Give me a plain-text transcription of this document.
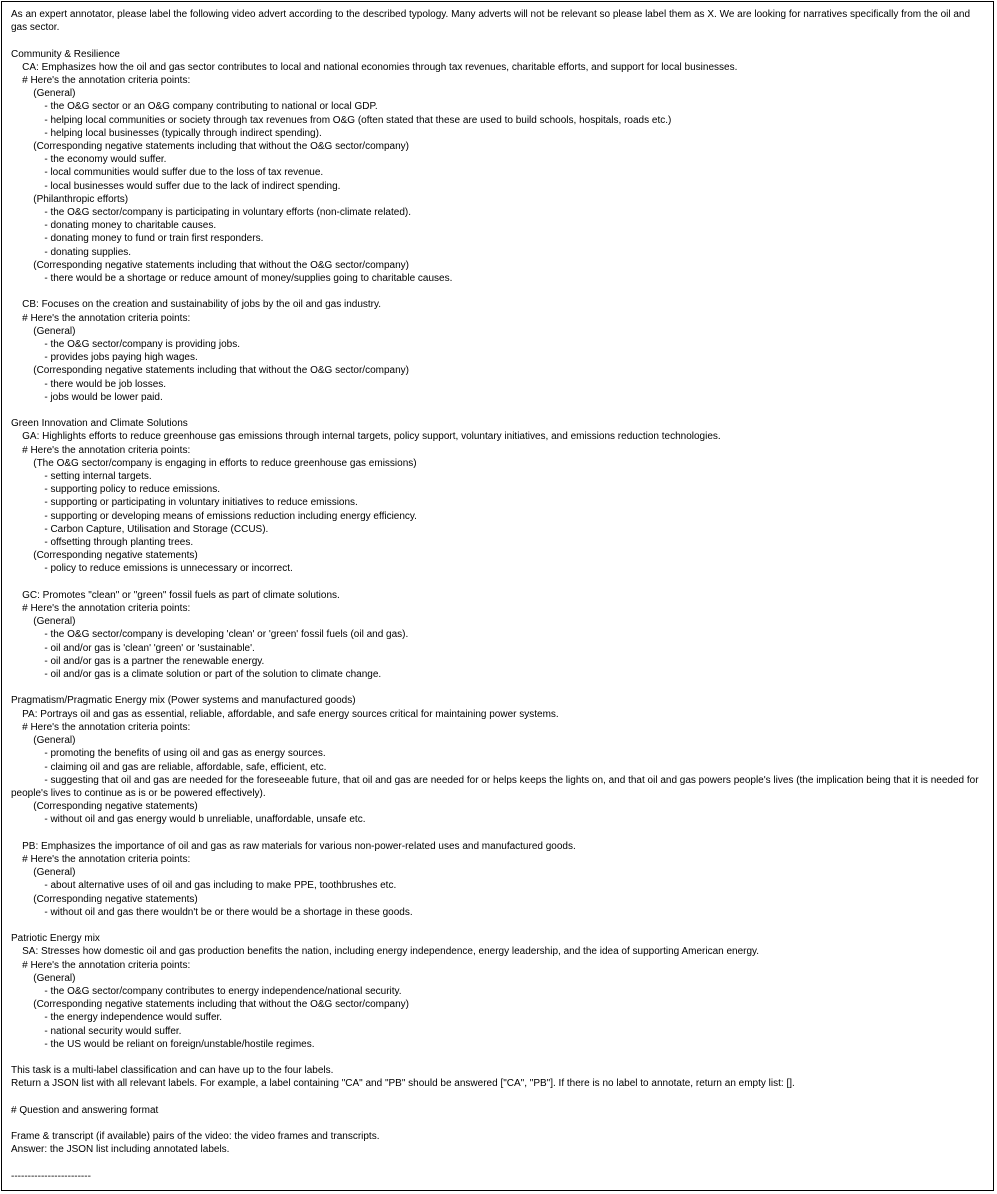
As an expert annotator, please label the following video advert according to the described typology. Many adverts will not be relevant so please label them as X. We are looking for narratives specifically from the oil and gas sector.
Community & Resilience
CA: Emphasizes how the oil and gas sector contributes to local and national economies through tax revenues, charitable efforts, and support for local businesses.
# Here's the annotation criteria points:
(General)
- the O&G sector or an O&G company contributing to national or local GDP.
- helping local communities or society through tax revenues from O&G (often stated that these are used to build schools, hospitals, roads etc.)
- helping local businesses (typically through indirect spending).
(Corresponding negative statements including that without the O&G sector/company)
- the economy would suffer.
- local communities would suffer due to the loss of tax revenue.
- local businesses would suffer due to the lack of indirect spending.
(Philanthropic efforts)
- the O&G sector/company is participating in voluntary efforts (non-climate related).
- donating money to charitable causes.
- donating money to fund or train first responders.
- donating supplies.
(Corresponding negative statements including that without the O&G sector/company)
- there would be a shortage or reduce amount of money/supplies going to charitable causes.
CB: Focuses on the creation and sustainability of jobs by the oil and gas industry.
# Here's the annotation criteria points:
(General)
- the O&G sector/company is providing jobs.
- provides jobs paying high wages.
(Corresponding negative statements including that without the O&G sector/company)
- there would be job losses.
- jobs would be lower paid.
Green Innovation and Climate Solutions
GA: Highlights efforts to reduce greenhouse gas emissions through internal targets, policy support, voluntary initiatives, and emissions reduction technologies.
# Here's the annotation criteria points:
(The O&G sector/company is engaging in efforts to reduce greenhouse gas emissions)
- setting internal targets.
- supporting policy to reduce emissions.
- supporting or participating in voluntary initiatives to reduce emissions.
- supporting or developing means of emissions reduction including energy efficiency.
- Carbon Capture, Utilisation and Storage (CCUS).
- offsetting through planting trees.
(Corresponding negative statements)
- policy to reduce emissions is unnecessary or incorrect.
GC: Promotes "clean" or "green" fossil fuels as part of climate solutions.
# Here's the annotation criteria points:
(General)
- the O&G sector/company is developing 'clean' or 'green' fossil fuels (oil and gas).
- oil and/or gas is 'clean' 'green' or 'sustainable'.
- oil and/or gas is a partner the renewable energy.
- oil and/or gas is a climate solution or part of the solution to climate change.
Pragmatism/Pragmatic Energy mix (Power systems and manufactured goods)
PA: Portrays oil and gas as essential, reliable, affordable, and safe energy sources critical for maintaining power systems.
# Here's the annotation criteria points:
(General)
- promoting the benefits of using oil and gas as energy sources.
- claiming oil and gas are reliable, affordable, safe, efficient, etc.
- suggesting that oil and gas are needed for the foreseeable future, that oil and gas are needed for or helps keeps the lights on, and that oil and gas powers people's lives (the implication being that it is needed for people's lives to continue as is or be powered effectively).
(Corresponding negative statements)
- without oil and gas energy would b unreliable, unaffordable, unsafe etc.
PB: Emphasizes the importance of oil and gas as raw materials for various non-power-related uses and manufactured goods.
# Here's the annotation criteria points:
(General)
- about alternative uses of oil and gas including to make PPE, toothbrushes etc.
(Corresponding negative statements)
- without oil and gas there wouldn't be or there would be a shortage in these goods.
Patriotic Energy mix
SA: Stresses how domestic oil and gas production benefits the nation, including energy independence, energy leadership, and the idea of supporting American energy.
# Here's the annotation criteria points:
(General)
- the O&G sector/company contributes to energy independence/national security.
(Corresponding negative statements including that without the O&G sector/company)
- the energy independence would suffer.
- national security would suffer.
- the US would be reliant on foreign/unstable/hostile regimes.
This task is a multi-label classification and can have up to the four labels.
Return a JSON list with all relevant labels. For example, a label containing "CA" and "PB" should be answered ["CA", "PB"]. If there is no label to annotate, return an empty list: [].
# Question and answering format
Frame & transcript (if available) pairs of the video: the video frames and transcripts.
Answer: the JSON list including annotated labels.
------------------------
